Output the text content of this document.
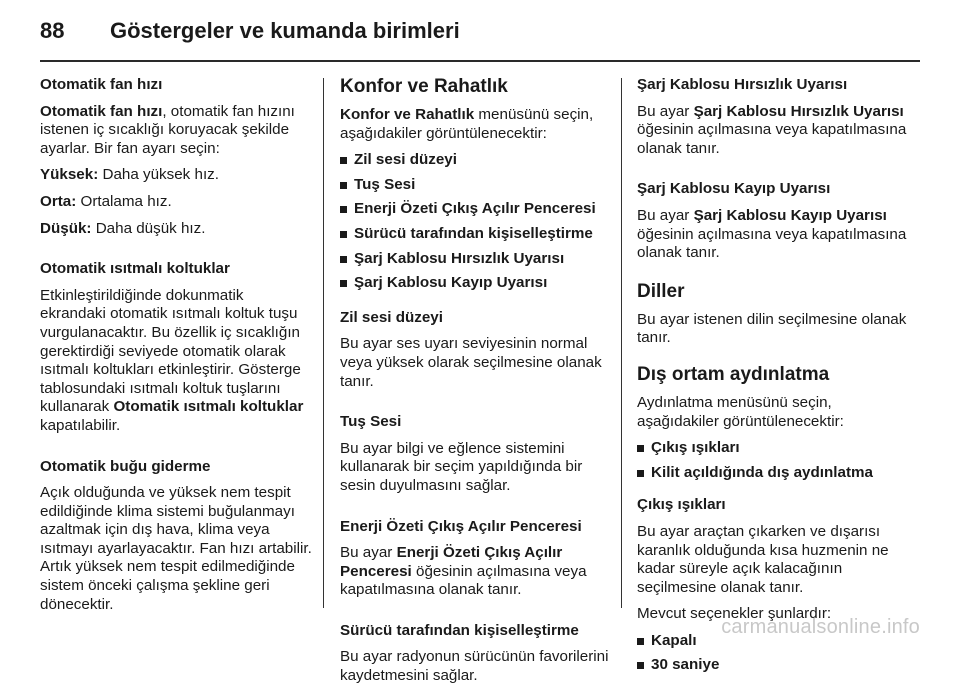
88 Göstergeler ve kumanda birimleri

Otomatik fan hızı

Otomatik fan hızı, otomatik fan hızını istenen iç sıcaklığı koruyacak şekilde ayarlar. Bir fan ayarı seçin:

Yüksek: Daha yüksek hız.

Orta: Ortalama hız.

Düşük: Daha düşük hız.

Otomatik ısıtmalı koltuklar

Etkinleştirildiğinde dokunmatik ekrandaki otomatik ısıtmalı koltuk tuşu vurgulanacaktır. Bu özellik iç sıcaklığın gerektirdiği seviyede otomatik olarak ısıtmalı koltukları etkinleştirir. Gösterge tablosundaki ısıtmalı koltuk tuşlarını kullanarak Otomatik ısıtmalı koltuklar kapatılabilir.

Otomatik buğu giderme

Açık olduğunda ve yüksek nem tespit edildiğinde klima sistemi buğulanmayı azaltmak için dış hava, klima veya ısıtmayı ayarlayacaktır. Fan hızı artabilir. Artık yüksek nem tespit edilmediğinde sistem önceki çalışma şekline geri dönecektir.

Konfor ve Rahatlık

Konfor ve Rahatlık menüsünü seçin, aşağıdakiler görüntülenecektir:

Zil sesi düzeyi
Tuş Sesi
Enerji Özeti Çıkış Açılır Penceresi
Sürücü tarafından kişiselleştirme
Şarj Kablosu Hırsızlık Uyarısı
Şarj Kablosu Kayıp Uyarısı

Zil sesi düzeyi

Bu ayar ses uyarı seviyesinin normal veya yüksek olarak seçilmesine olanak tanır.

Tuş Sesi

Bu ayar bilgi ve eğlence sistemini kullanarak bir seçim yapıldığında bir sesin duyulmasını sağlar.

Enerji Özeti Çıkış Açılır Penceresi

Bu ayar Enerji Özeti Çıkış Açılır Penceresi öğesinin açılmasına veya kapatılmasına olanak tanır.

Sürücü tarafından kişiselleştirme

Bu ayar radyonun sürücünün favorilerini kaydetmesini sağlar.

Şarj Kablosu Hırsızlık Uyarısı

Bu ayar Şarj Kablosu Hırsızlık Uyarısı öğesinin açılmasına veya kapatılmasına olanak tanır.

Şarj Kablosu Kayıp Uyarısı

Bu ayar Şarj Kablosu Kayıp Uyarısı öğesinin açılmasına veya kapatılmasına olanak tanır.

Diller

Bu ayar istenen dilin seçilmesine olanak tanır.

Dış ortam aydınlatma

Aydınlatma menüsünü seçin, aşağıdakiler görüntülenecektir:

Çıkış ışıkları
Kilit açıldığında dış aydınlatma

Çıkış ışıkları

Bu ayar araçtan çıkarken ve dışarısı karanlık olduğunda kısa huzmenin ne kadar süreyle açık kalacağının seçilmesine olanak tanır.

Mevcut seçenekler şunlardır:

Kapalı
30 saniye
carmanualsonline.info
